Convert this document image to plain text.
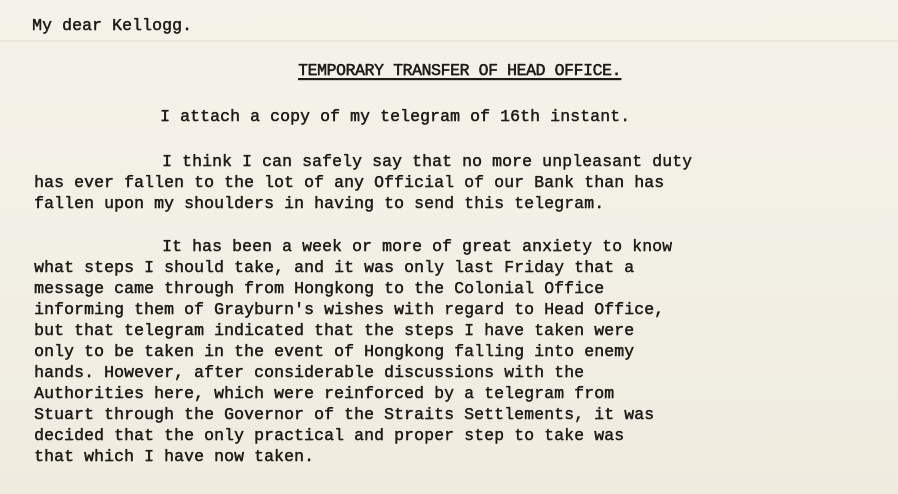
My dear Kellogg.

TEMPORARY TRANSFER OF HEAD OFFICE.

I attach a copy of my telegram of 16th instant.

I think I can safely say that no more unpleasant duty
has ever fallen to the lot of any Official of our Bank than has
fallen upon my shoulders in having to send this telegram.
It has been a week or more of great anxiety to know
what steps I should take, and it was only last Friday that a
message came through from Hongkong to the Colonial Office
informing them of Grayburn's wishes with regard to Head Office,
but that telegram indicated that the steps I have taken were
only to be taken in the event of Hongkong falling into enemy
hands. However, after considerable discussions with the
Authorities here, which were reinforced by a telegram from
Stuart through the Governor of the Straits Settlements, it was
decided that the only practical and proper step to take was
that which I have now taken.
